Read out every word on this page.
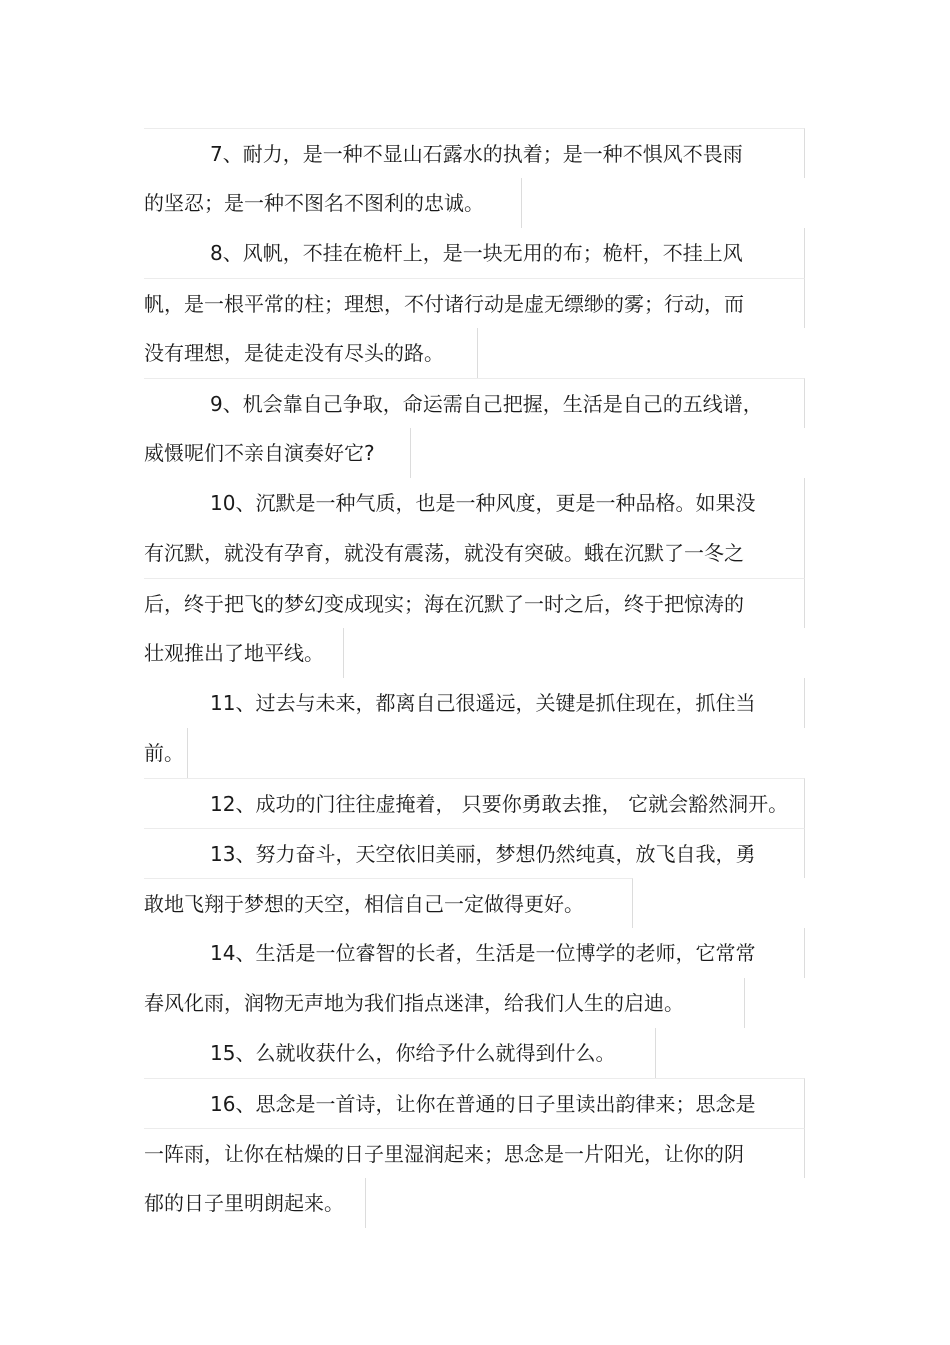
7、耐力，是一种不显山石露水的执着；是一种不惧风不畏雨
的坚忍；是一种不图名不图利的忠诚。
8、风帆，不挂在桅杆上，是一块无用的布；桅杆，不挂上风
帆，是一根平常的柱；理想，不付诸行动是虚无缥缈的雾；行动，而
没有理想，是徒走没有尽头的路。
9、机会靠自己争取，命运需自己把握，生活是自己的五线谱，
威慑呢们不亲自演奏好它?
10、沉默是一种气质，也是一种风度，更是一种品格。如果没
有沉默，就没有孕育，就没有震荡，就没有突破。蛾在沉默了一冬之
后，终于把飞的梦幻变成现实；海在沉默了一时之后，终于把惊涛的
壮观推出了地平线。
11、过去与未来，都离自己很遥远，关键是抓住现在，抓住当
前。
12、成功的门往往虚掩着， 只要你勇敢去推， 它就会豁然洞开。
13、努力奋斗，天空依旧美丽，梦想仍然纯真，放飞自我，勇
敢地飞翔于梦想的天空，相信自己一定做得更好。
14、生活是一位睿智的长者，生活是一位博学的老师，它常常
春风化雨，润物无声地为我们指点迷津，给我们人生的启迪。
15、么就收获什么，你给予什么就得到什么。
16、思念是一首诗，让你在普通的日子里读出韵律来；思念是
一阵雨，让你在枯燥的日子里湿润起来；思念是一片阳光，让你的阴
郁的日子里明朗起来。
